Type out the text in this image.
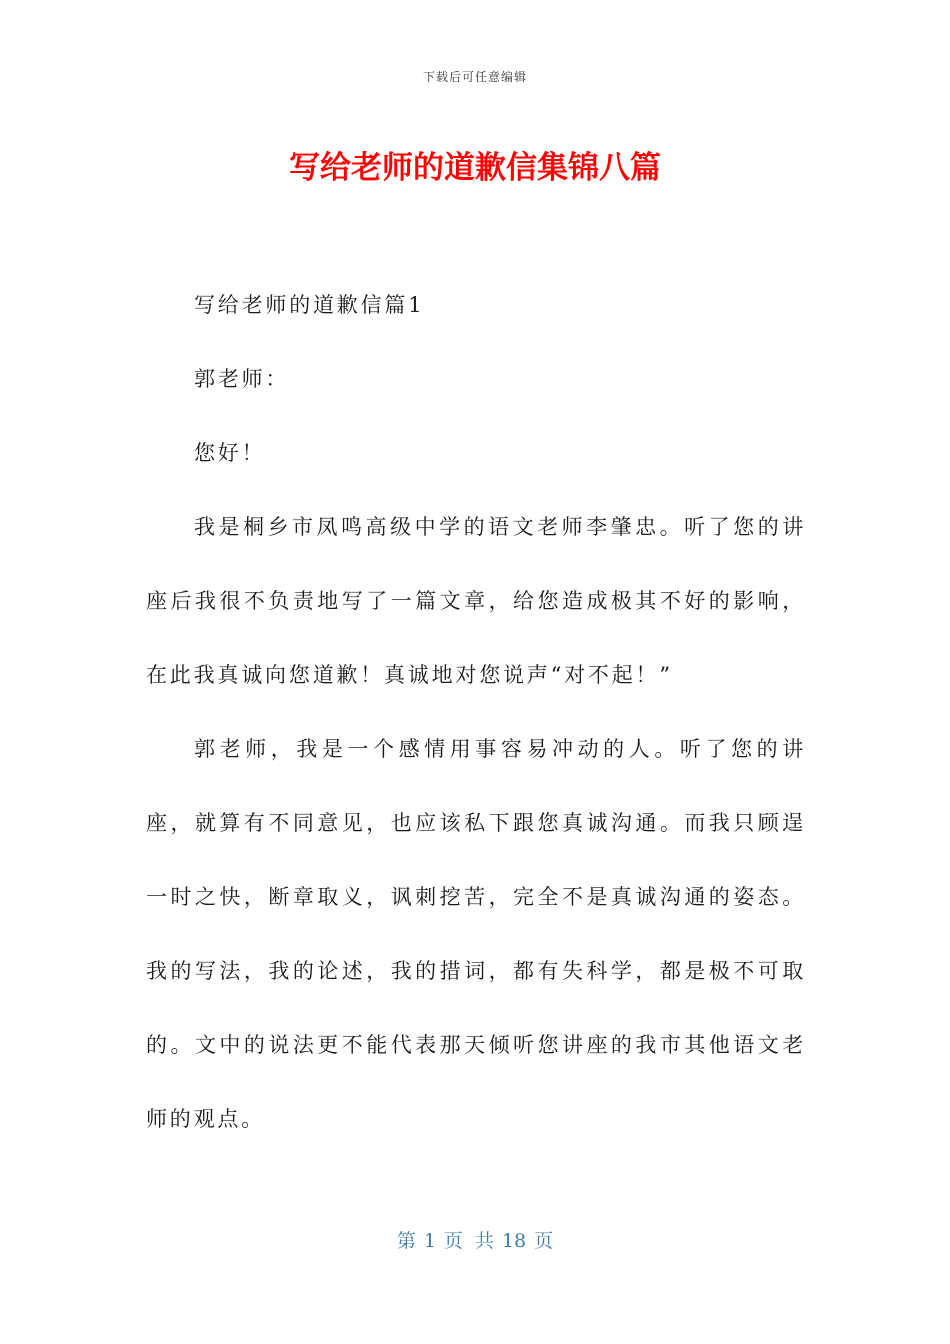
下载后可任意编辑
写给老师的道歉信集锦八篇

写给老师的道歉信篇1

郭老师：

您好！

我是桐乡市凤鸣高级中学的语文老师李肇忠。听了您的讲座后我很不负责地写了一篇文章，给您造成极其不好的影响，在此我真诚向您道歉！真诚地对您说声“对不起！”

郭老师，我是一个感情用事容易冲动的人。听了您的讲座，就算有不同意见，也应该私下跟您真诚沟通。而我只顾逞一时之快，断章取义，讽刺挖苦，完全不是真诚沟通的姿态。我的写法，我的论述，我的措词，都有失科学，都是极不可取的。文中的说法更不能代表那天倾听您讲座的我市其他语文老师的观点。

第 1 页 共 18 页
